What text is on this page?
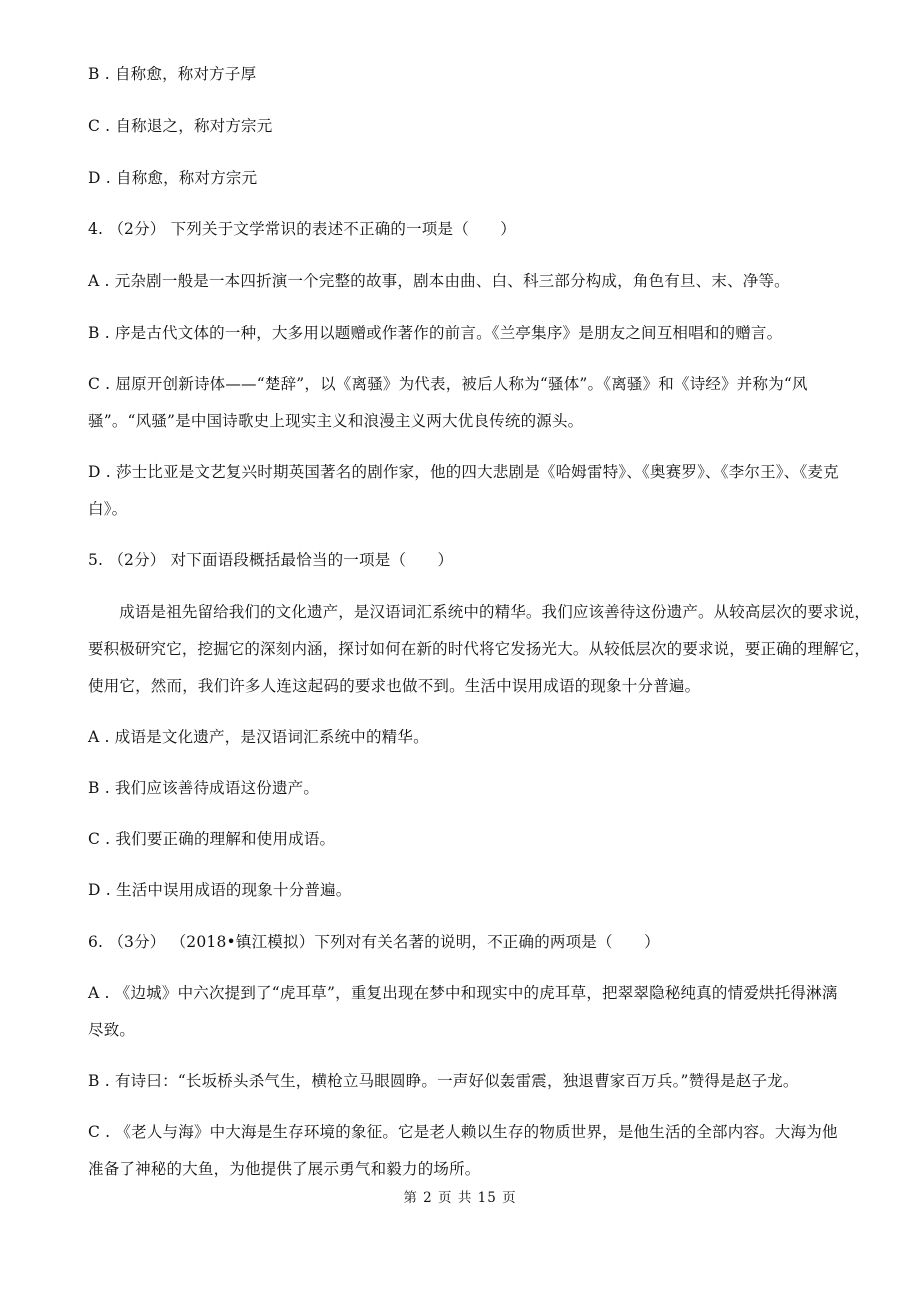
B . 自称愈，称对方子厚
C . 自称退之，称对方宗元
D . 自称愈，称对方宗元
4. （2分） 下列关于文学常识的表述不正确的一项是（　　）
A . 元杂剧一般是一本四折演一个完整的故事，剧本由曲、白、科三部分构成，角色有旦、末、净等。
B . 序是古代文体的一种，大多用以题赠或作著作的前言。《兰亭集序》是朋友之间互相唱和的赠言。
C . 屈原开创新诗体——“楚辞”，以《离骚》为代表，被后人称为“骚体”。《离骚》和《诗经》并称为“风
骚”。“风骚”是中国诗歌史上现实主义和浪漫主义两大优良传统的源头。
D . 莎士比亚是文艺复兴时期英国著名的剧作家，他的四大悲剧是《哈姆雷特》、《奥赛罗》、《李尔王》、《麦克
白》。
5. （2分） 对下面语段概括最恰当的一项是（　　）
　　成语是祖先留给我们的文化遗产，是汉语词汇系统中的精华。我们应该善待这份遗产。从较高层次的要求说，
要积极研究它，挖掘它的深刻内涵，探讨如何在新的时代将它发扬光大。从较低层次的要求说，要正确的理解它，
使用它，然而，我们许多人连这起码的要求也做不到。生活中误用成语的现象十分普遍。
A . 成语是文化遗产，是汉语词汇系统中的精华。
B . 我们应该善待成语这份遗产。
C . 我们要正确的理解和使用成语。
D . 生活中误用成语的现象十分普遍。
6. （3分） （2018•镇江模拟）下列对有关名著的说明，不正确的两项是（　　）
A . 《边城》中六次提到了“虎耳草”，重复出现在梦中和现实中的虎耳草，把翠翠隐秘纯真的情爱烘托得淋漓
尽致。
B . 有诗曰：“长坂桥头杀气生，横枪立马眼圆睁。一声好似轰雷震，独退曹家百万兵。”赞得是赵子龙。
C . 《老人与海》中大海是生存环境的象征。它是老人赖以生存的物质世界，是他生活的全部内容。大海为他
准备了神秘的大鱼，为他提供了展示勇气和毅力的场所。
第 2 页 共 15 页
